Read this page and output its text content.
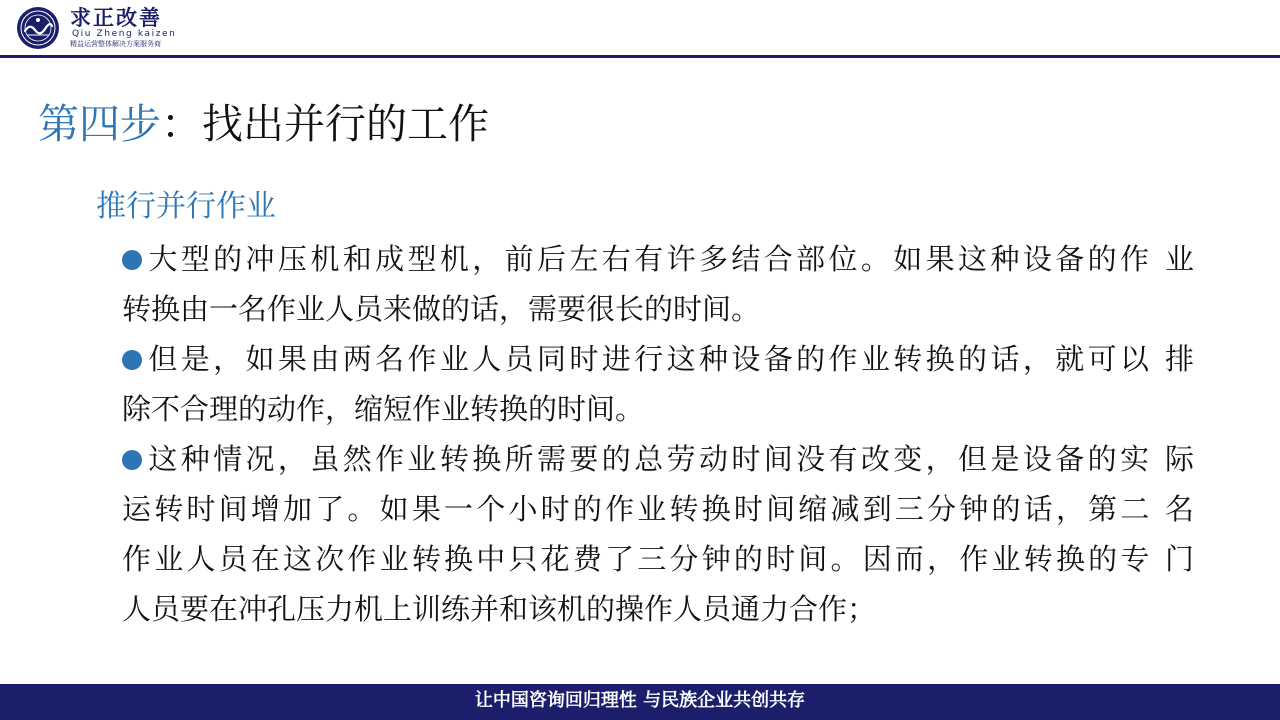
求正改善
Qiu Zheng kaizen
精益运营整体解决方案服务商
第四步：找出并行的工作
推行并行作业
大型的冲压机和成型机，前后左右有许多结合部位。如果这种设备的作 业
转换由一名作业人员来做的话，需要很长的时间。
但是，如果由两名作业人员同时进行这种设备的作业转换的话，就可以 排
除不合理的动作，缩短作业转换的时间。
这种情况，虽然作业转换所需要的总劳动时间没有改变，但是设备的实 际
运转时间增加了。如果一个小时的作业转换时间缩减到三分钟的话，第二 名
作业人员在这次作业转换中只花费了三分钟的时间。因而，作业转换的专 门
人员要在冲孔压力机上训练并和该机的操作人员通力合作；
让中国咨询回归理性 与民族企业共创共存
